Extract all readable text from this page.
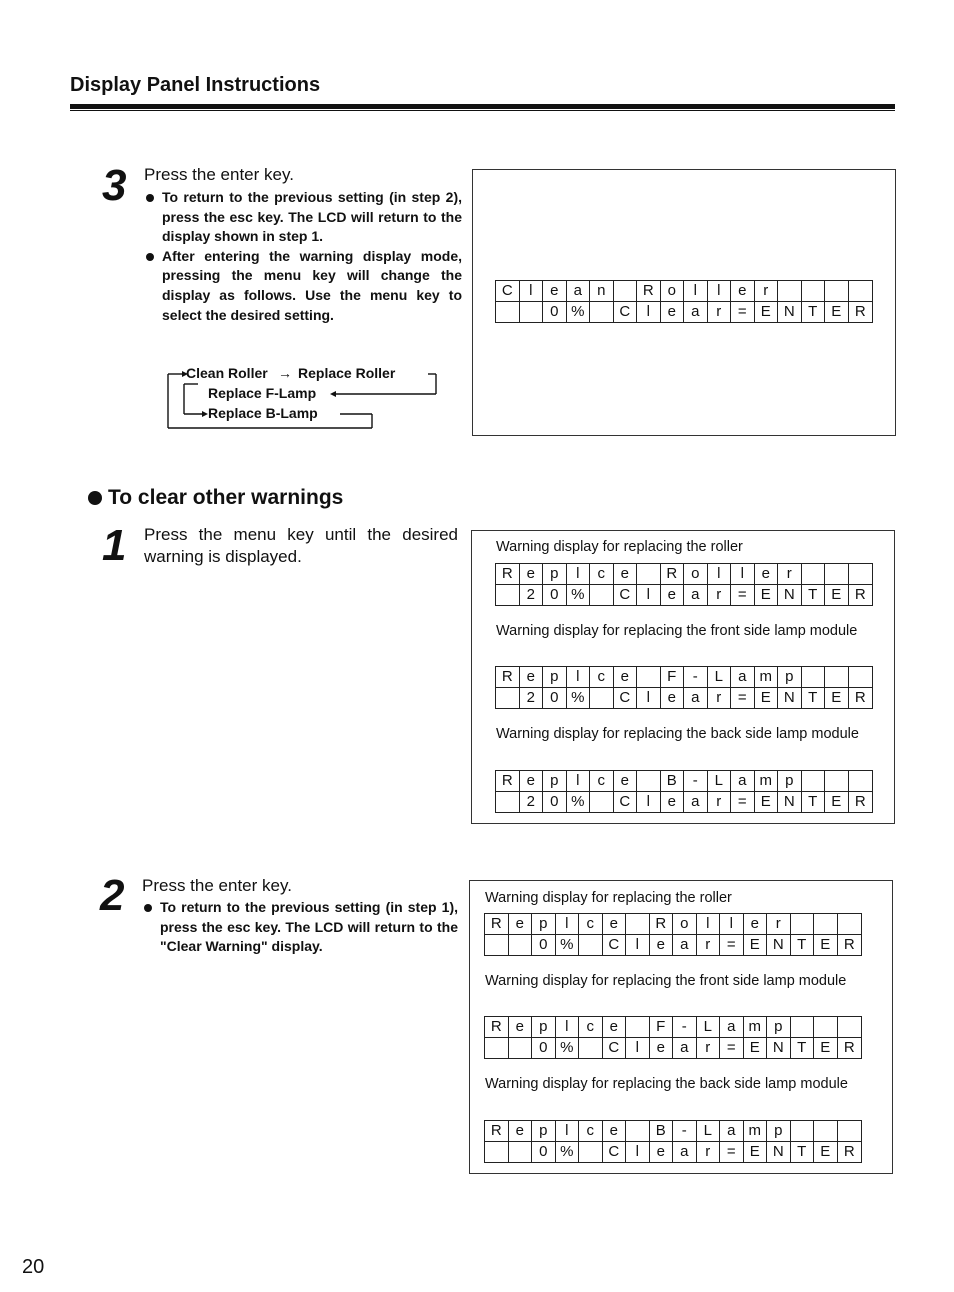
Display Panel Instructions
3 Press the enter key.

To return to the previous setting (in step 2), press the esc key. The LCD will return to the display shown in step 1.

After entering the warning display mode, pressing the menu key will change the display as follows. Use the menu key to select the desired setting.

Clean Roller → Replace Roller
Replace F-Lamp
Replace B-Lamp
C	l	e	a	n	R o	l	l	e	r
0 %	C	l	e	a	r	= E N T E R
To clear other warnings
1 Press the menu key until the desired warning is displayed.	Warning display for replacing the roller

R e	p	l	c	e	R o	l	l	e	r
2	0 %	C	l	e	a	r	= E N T E R

Warning display for replacing the front side lamp module

R e	p	l	c	e	F	-	L	a m p
2	0 %	C	l	e	a	r	= E N T E R

Warning display for replacing the back side lamp module

R e	p	l	c	e	B	-	L	a m p
2	0 %	C	l	e	a	r	= E N T E R
2 Press the enter key.

To return to the previous setting (in step 1), press the esc key. The LCD will return to the "Clear Warning" display.

Warning display for replacing the roller

R e	p	l	c	e	R o	l	l	e	r
0 %	C	l	e	a	r	= E N T E R

Warning display for replacing the front side lamp module

R e	p	l	c	e	F	-	L	a m p
0 %	C	l	e	a	r	= E N T E R

Warning display for replacing the back side lamp module

R e	p	l	c	e	B	-	L	a m p
0 %	C	l	e	a	r	= E N T E R

20
